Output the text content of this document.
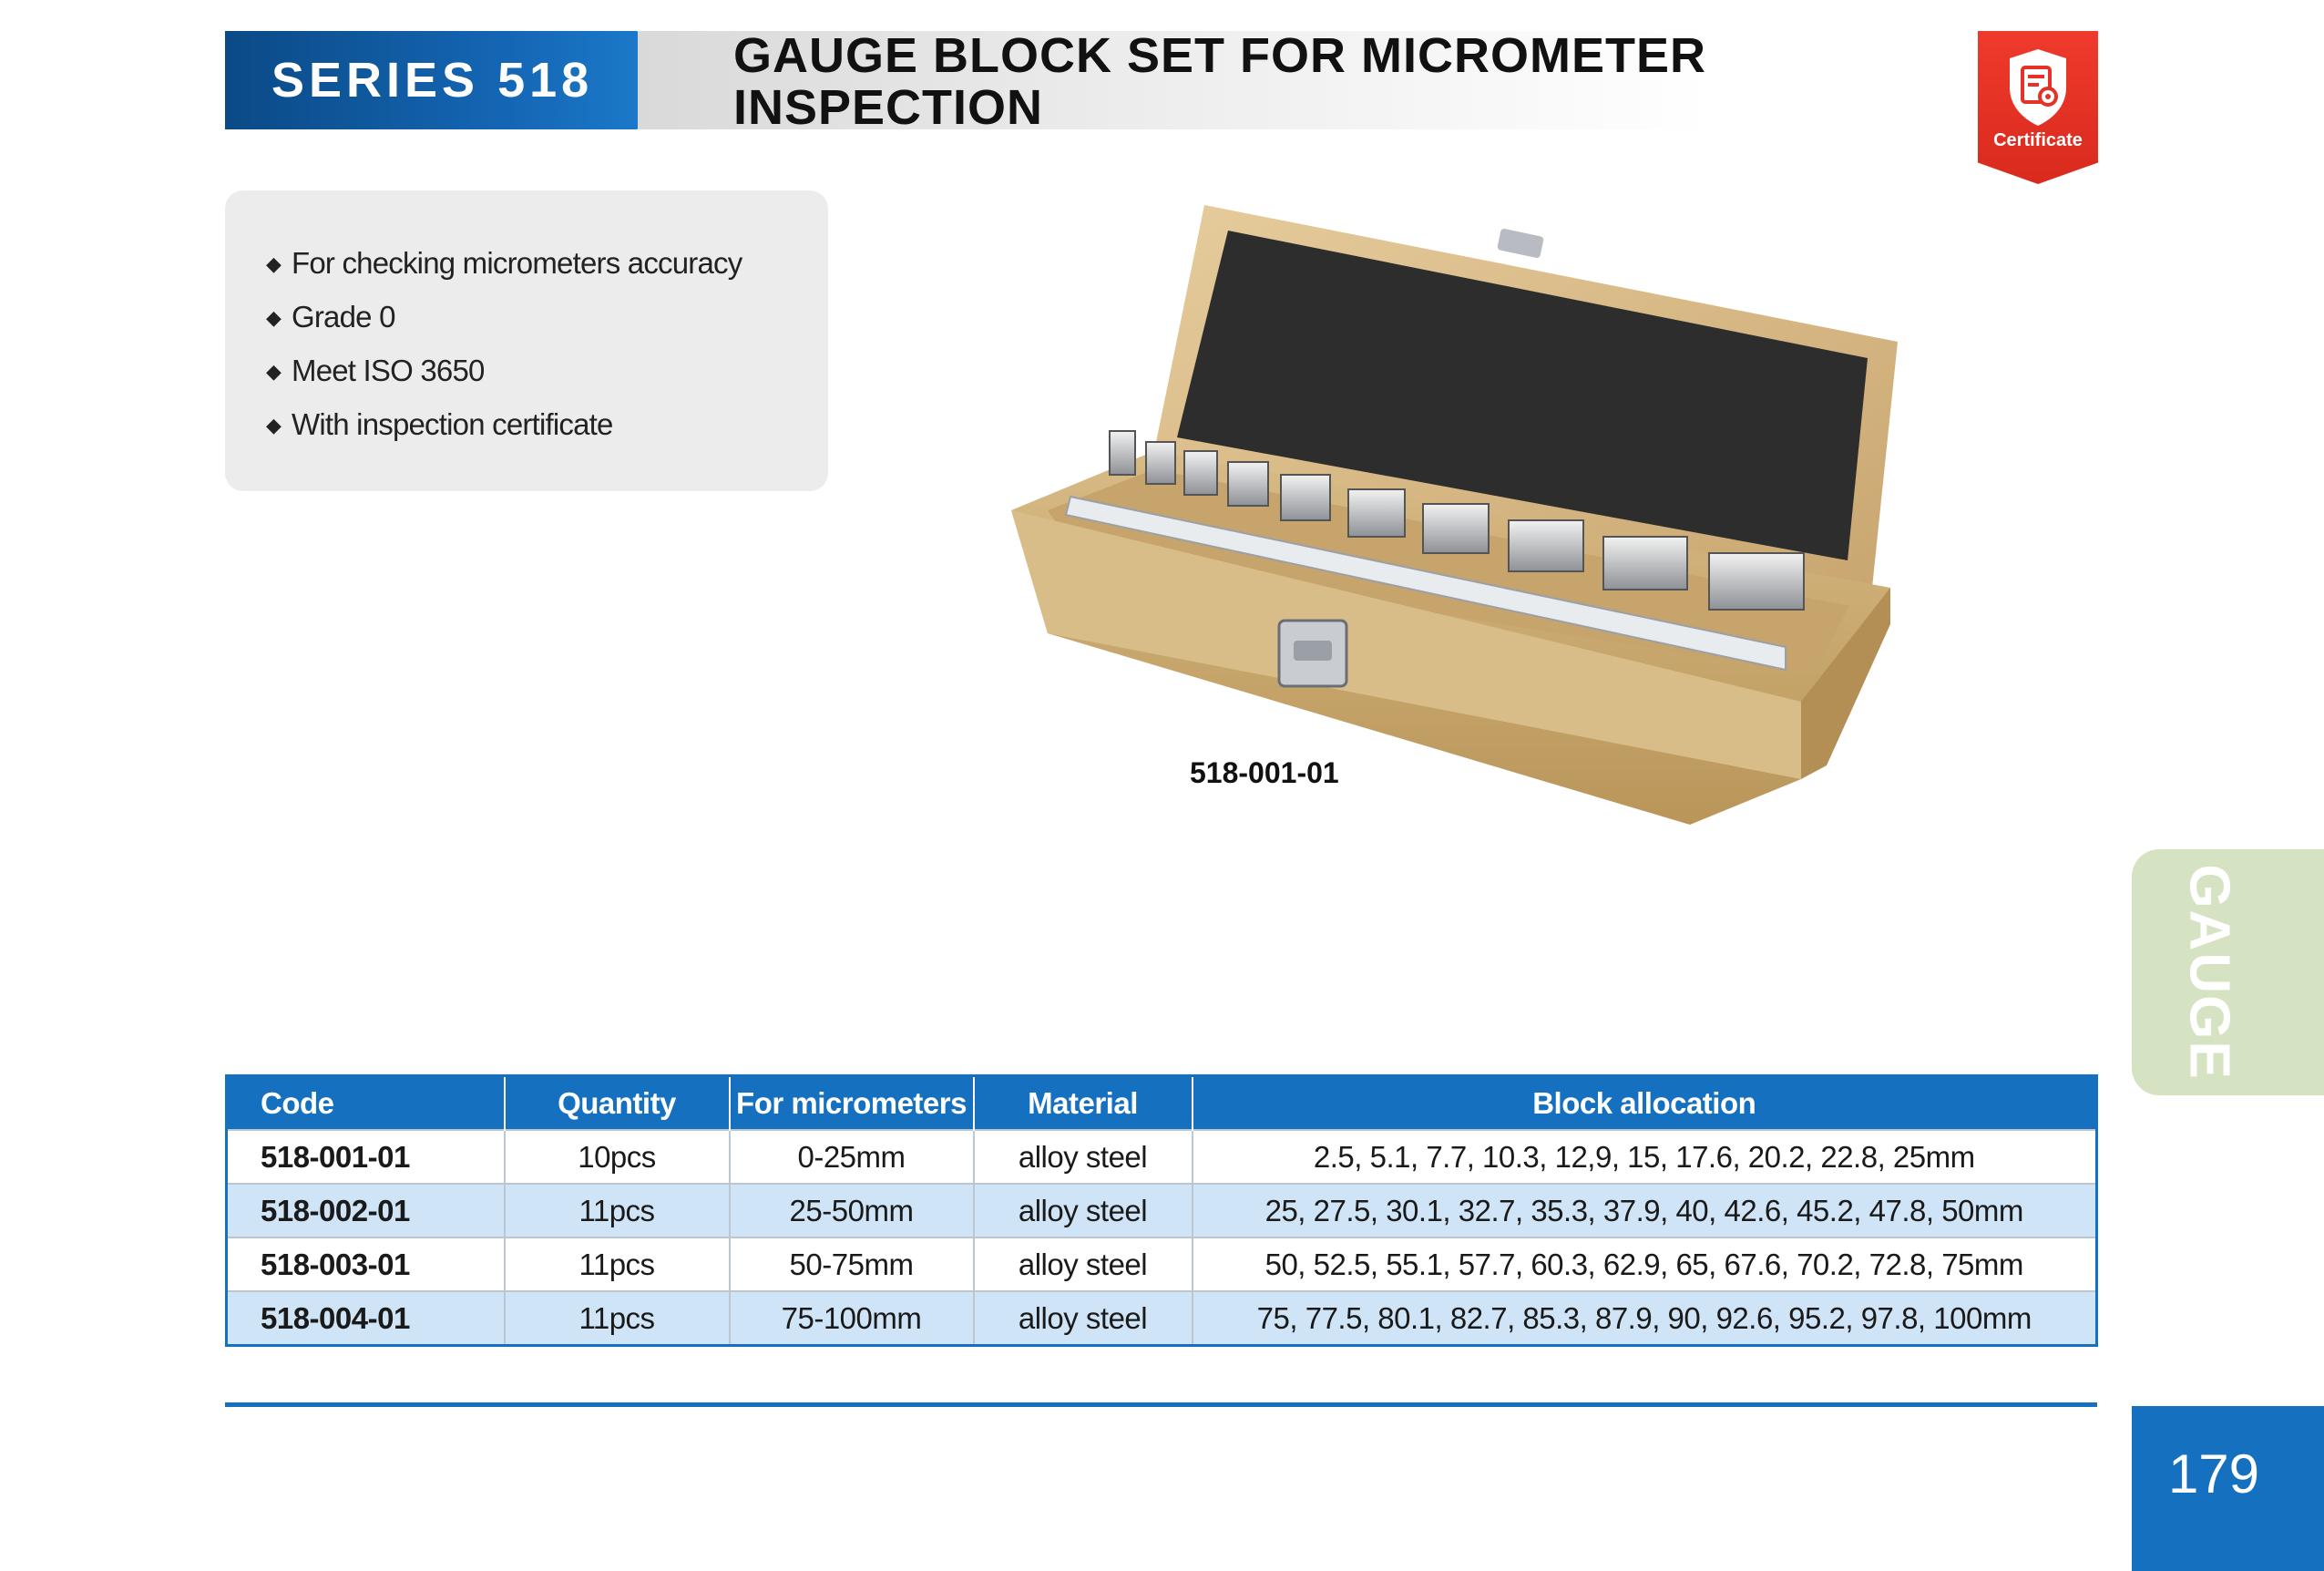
SERIES 518	GAUGE BLOCK SET FOR MICROMETER
INSPECTION
Certificate
◆ For checking micrometers accuracy
◆ Grade 0
◆ Meet ISO 3650
◆ With inspection certificate
518-001-01
GAUGE
Code	Quantity	For micrometers	Material	Block allocation
518-001-01	10pcs	0-25mm	alloy steel	2.5, 5.1, 7.7, 10.3, 12,9, 15, 17.6, 20.2, 22.8, 25mm
518-002-01	11pcs	25-50mm	alloy steel	25, 27.5, 30.1, 32.7, 35.3, 37.9, 40, 42.6, 45.2, 47.8, 50mm
518-003-01	11pcs	50-75mm	alloy steel	50, 52.5, 55.1, 57.7, 60.3, 62.9, 65, 67.6, 70.2, 72.8, 75mm
518-004-01	11pcs	75-100mm	alloy steel	75, 77.5, 80.1, 82.7, 85.3, 87.9, 90, 92.6, 95.2, 97.8, 100mm
179
